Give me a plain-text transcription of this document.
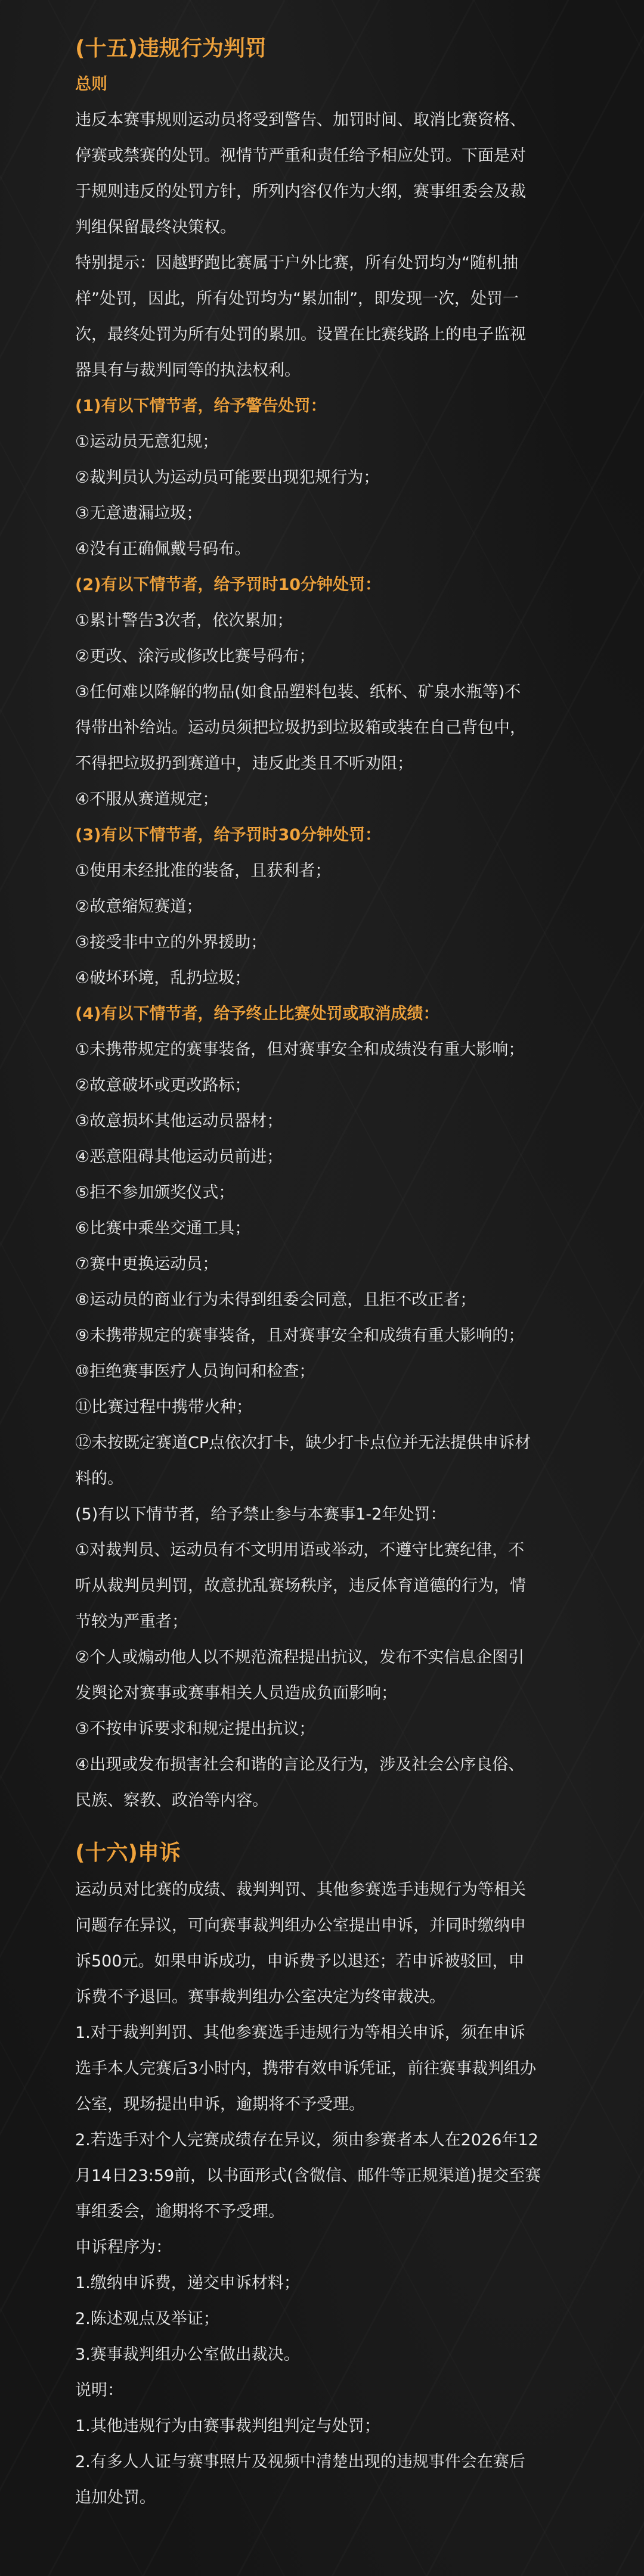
(十五)违规行为判罚

总则

违反本赛事规则运动员将受到警告、加罚时间、取消比赛资格、
停赛或禁赛的处罚。视情节严重和责任给予相应处罚。下面是对
于规则违反的处罚方针，所列内容仅作为大纲，赛事组委会及裁
判组保留最终决策权。

特别提示：因越野跑比赛属于户外比赛，所有处罚均为“随机抽
样”处罚，因此，所有处罚均为“累加制”，即发现一次，处罚一
次，最终处罚为所有处罚的累加。设置在比赛线路上的电子监视
器具有与裁判同等的执法权利。

(1)有以下情节者，给予警告处罚：

①运动员无意犯规；

②裁判员认为运动员可能要出现犯规行为；

③无意遗漏垃圾；

④没有正确佩戴号码布。

(2)有以下情节者，给予罚时10分钟处罚：

①累计警告3次者，依次累加；

②更改、涂污或修改比赛号码布；

③任何难以降解的物品(如食品塑料包装、纸杯、矿泉水瓶等)不
得带出补给站。运动员须把垃圾扔到垃圾箱或装在自己背包中，
不得把垃圾扔到赛道中，违反此类且不听劝阻；

④不服从赛道规定；

(3)有以下情节者，给予罚时30分钟处罚：

①使用未经批准的装备，且获利者；

②故意缩短赛道；

③接受非中立的外界援助；

④破坏环境，乱扔垃圾；

(4)有以下情节者，给予终止比赛处罚或取消成绩：

①未携带规定的赛事装备，但对赛事安全和成绩没有重大影响；

②故意破坏或更改路标；

③故意损坏其他运动员器材；

④恶意阻碍其他运动员前进；

⑤拒不参加颁奖仪式；

⑥比赛中乘坐交通工具；

⑦赛中更换运动员；

⑧运动员的商业行为未得到组委会同意，且拒不改正者；

⑨未携带规定的赛事装备，且对赛事安全和成绩有重大影响的；

⑩拒绝赛事医疗人员询问和检查；

⑪比赛过程中携带火种；

⑫未按既定赛道CP点依次打卡，缺少打卡点位并无法提供申诉材
料的。

(5)有以下情节者，给予禁止参与本赛事1-2年处罚：

①对裁判员、运动员有不文明用语或举动，不遵守比赛纪律，不
听从裁判员判罚，故意扰乱赛场秩序，违反体育道德的行为，情
节较为严重者；

②个人或煽动他人以不规范流程提出抗议，发布不实信息企图引
发舆论对赛事或赛事相关人员造成负面影响；

③不按申诉要求和规定提出抗议；

④出现或发布损害社会和谐的言论及行为，涉及社会公序良俗、
民族、察教、政治等内容。

(十六)申诉

运动员对比赛的成绩、裁判判罚、其他参赛选手违规行为等相关
问题存在异议，可向赛事裁判组办公室提出申诉，并同时缴纳申
诉500元。如果申诉成功，申诉费予以退还；若申诉被驳回，申
诉费不予退回。赛事裁判组办公室决定为终审裁决。

1.对于裁判判罚、其他参赛选手违规行为等相关申诉，须在申诉
选手本人完赛后3小时内，携带有效申诉凭证，前往赛事裁判组办
公室，现场提出申诉，逾期将不予受理。

2.若选手对个人完赛成绩存在异议，须由参赛者本人在2026年12
月14日23:59前，以书面形式(含微信、邮件等正规渠道)提交至赛
事组委会，逾期将不予受理。

申诉程序为：

1.缴纳申诉费，递交申诉材料；

2.陈述观点及举证；

3.赛事裁判组办公室做出裁决。

说明：

1.其他违规行为由赛事裁判组判定与处罚；

2.有多人人证与赛事照片及视频中清楚出现的违规事件会在赛后
追加处罚。
